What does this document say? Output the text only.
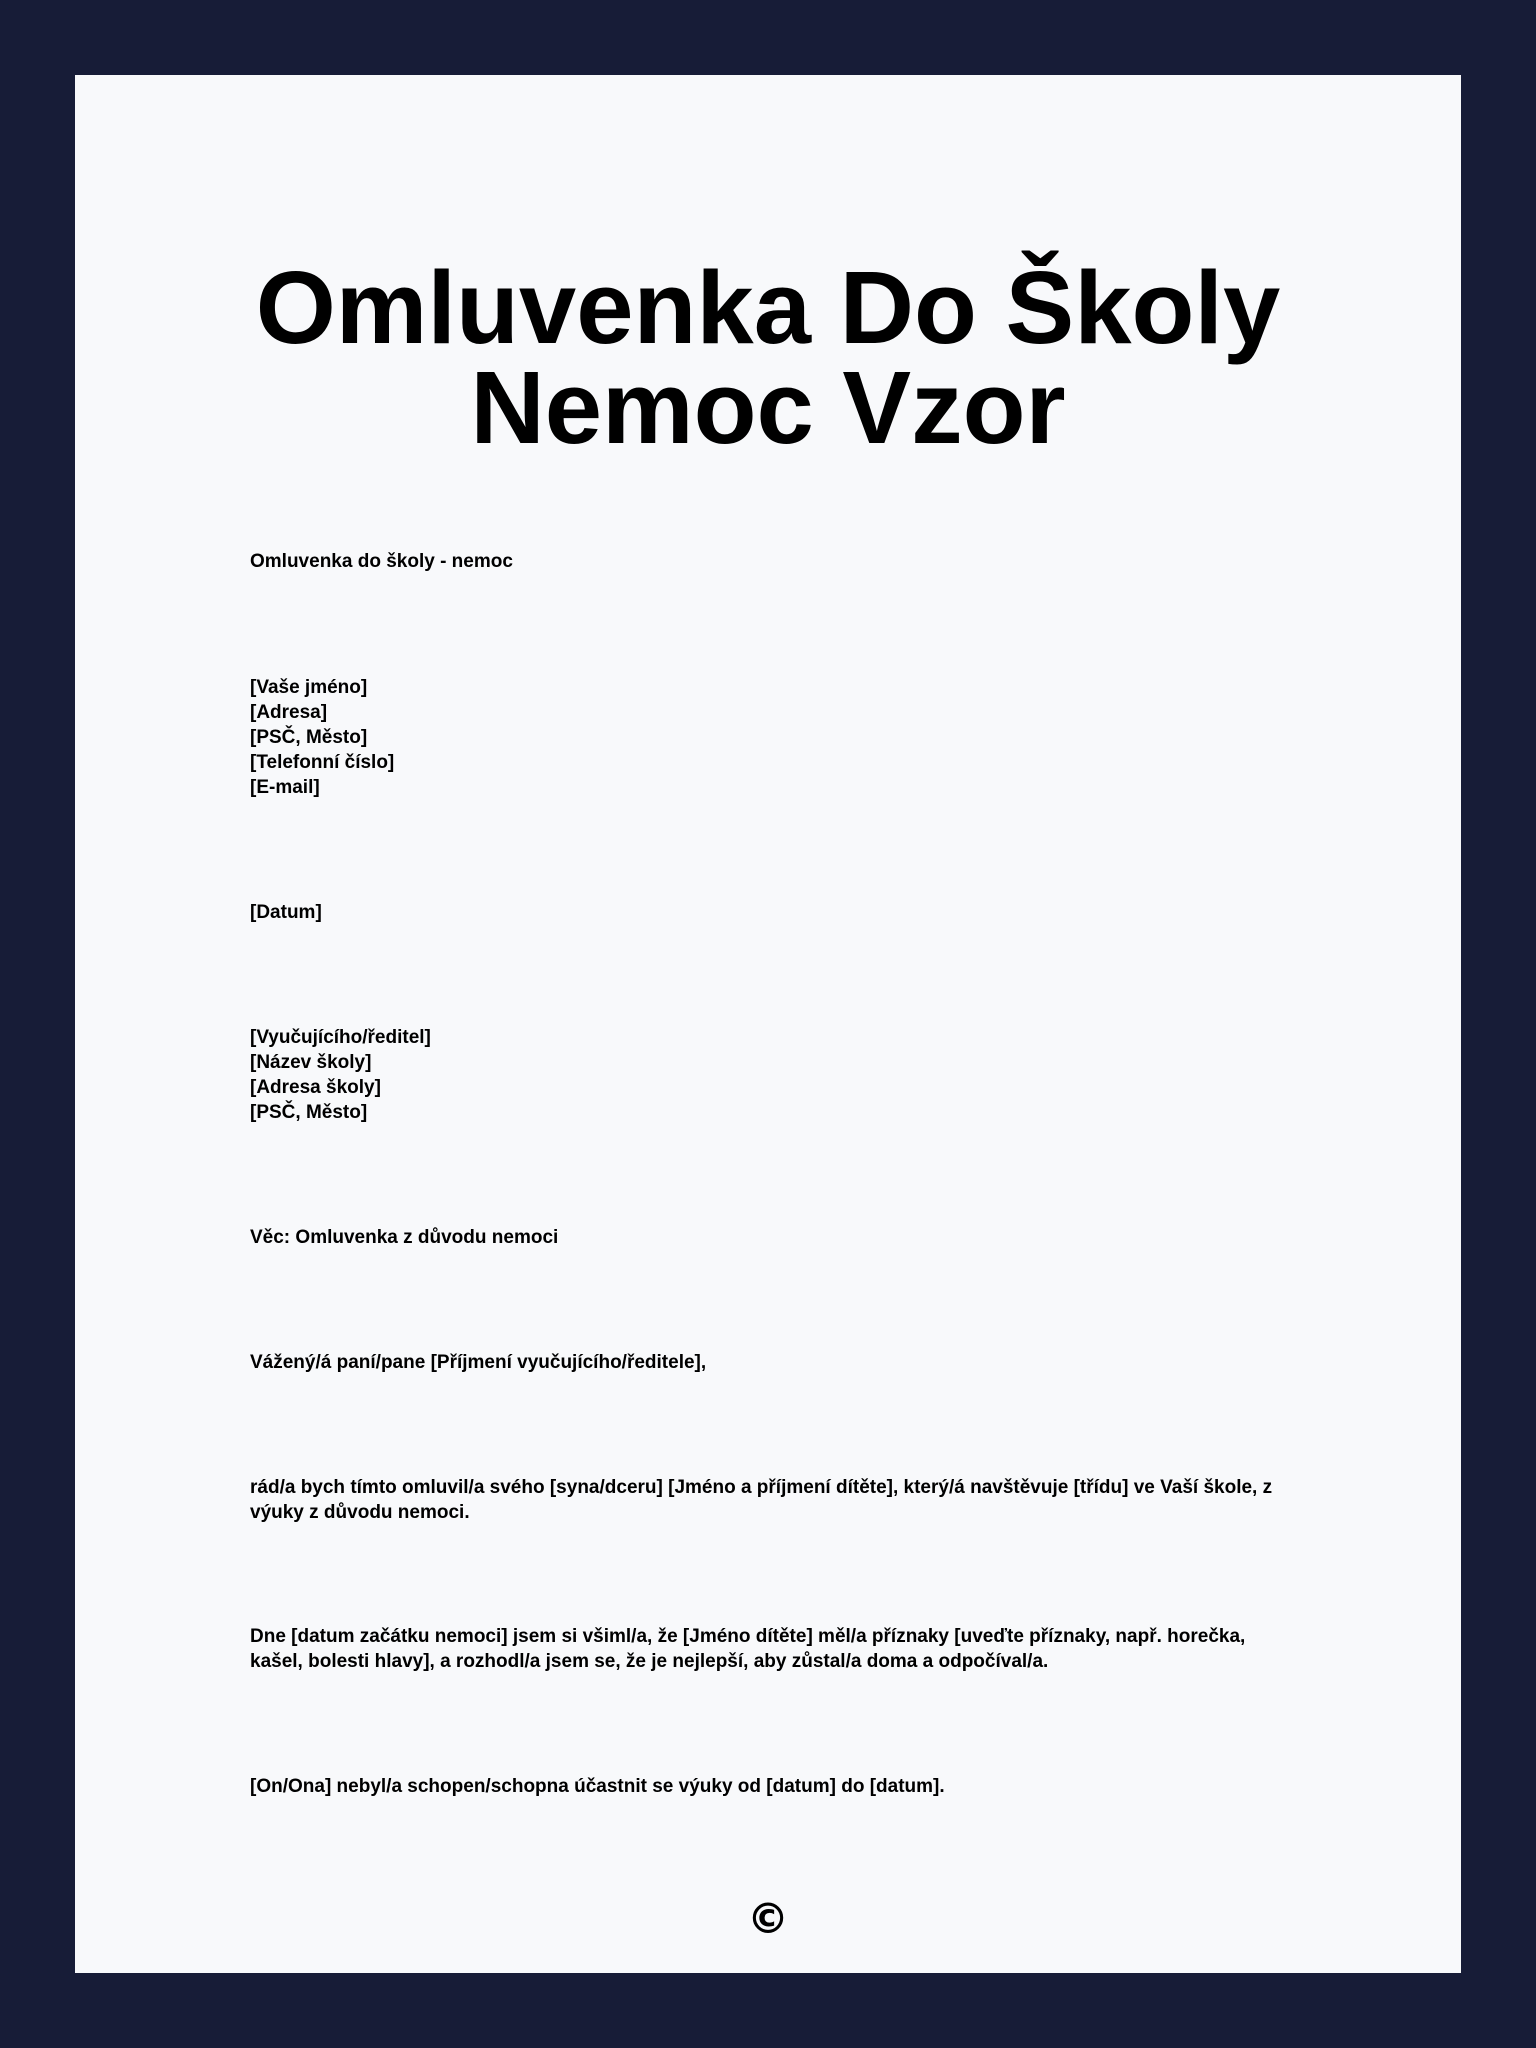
Omluvenka Do Školy Nemoc Vzor

Omluvenka do školy - nemoc

[Vaše jméno]
[Adresa]
[PSČ, Město]
[Telefonní číslo]
[E-mail]

[Datum]

[Vyučujícího/ředitel]
[Název školy]
[Adresa školy]
[PSČ, Město]

Věc: Omluvenka z důvodu nemoci

Vážený/á paní/pane [Příjmení vyučujícího/ředitele],

rád/a bych tímto omluvil/a svého [syna/dceru] [Jméno a příjmení dítěte], který/á navštěvuje [třídu] ve Vaší škole, z výuky z důvodu nemoci.

Dne [datum začátku nemoci] jsem si všiml/a, že [Jméno dítěte] měl/a příznaky [uveďte příznaky, např. horečka, kašel, bolesti hlavy], a rozhodl/a jsem se, že je nejlepší, aby zůstal/a doma a odpočíval/a.

[On/Ona] nebyl/a schopen/schopna účastnit se výuky od [datum] do [datum].

©
